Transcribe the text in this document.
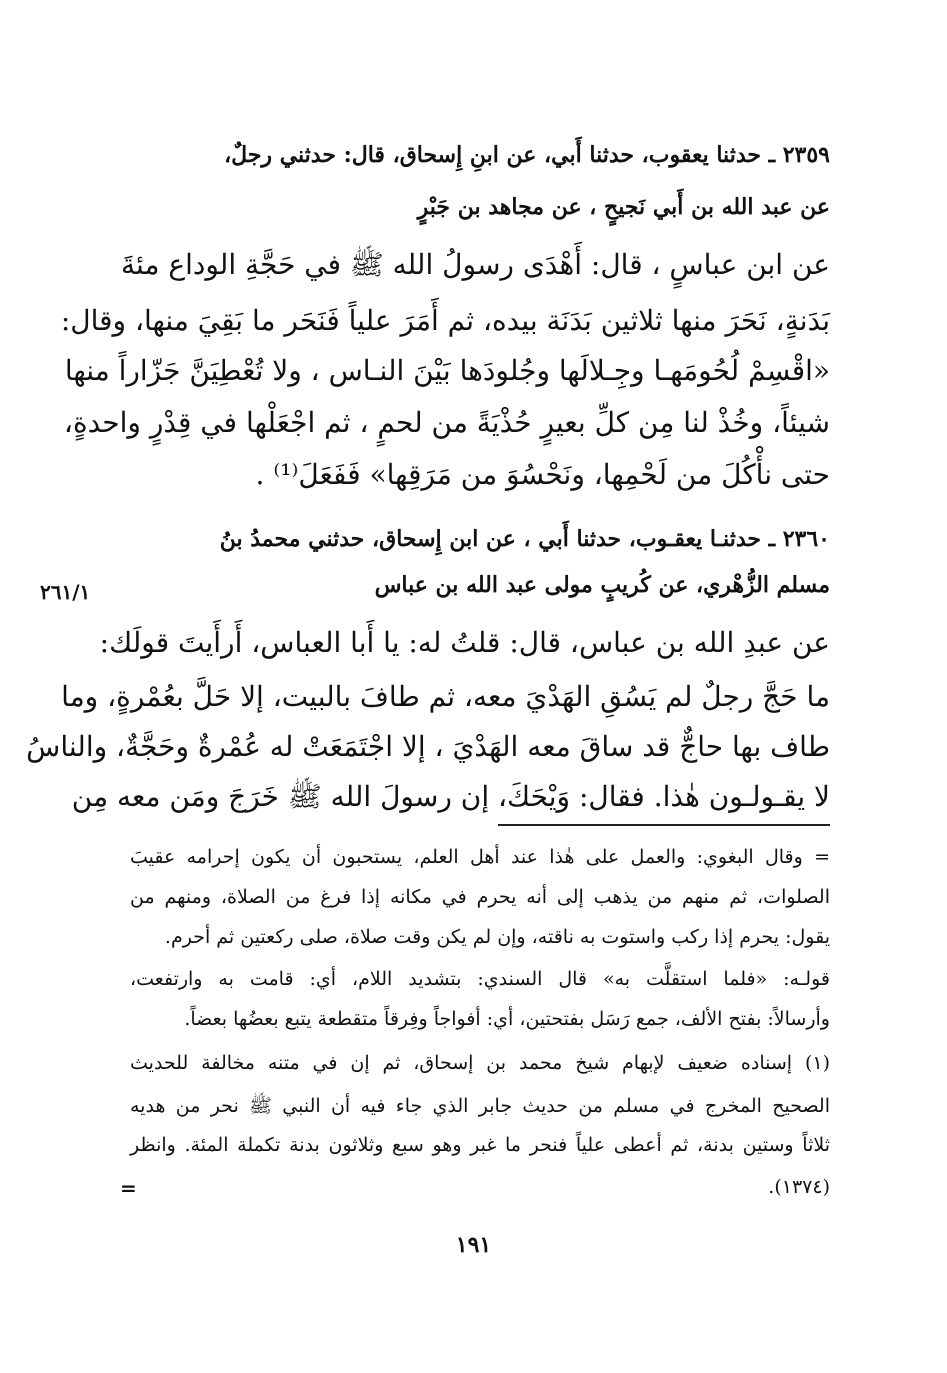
٢٣٥٩ ـ حدثنا يعقوب، حدثنا أَبي، عن ابنِ إِسحاق، قال: حدثني رجلٌ،
عن عبد الله بن أَبي نَجيحٍ ، عن مجاهد بن جَبْرٍ
عن ابن عباسٍ ، قال: أَهْدَى رسولُ الله ﷺ في حَجَّةِ الوداع مئةَ
بَدَنةٍ، نَحَرَ منها ثلاثين بَدَنَة بيده، ثم أَمَرَ علياً فَنَحَر ما بَقِيَ منها، وقال:
«اقْسِمْ لُحُومَهـا وجِـلالَها وجُلودَها بَيْنَ النـاس ، ولا تُعْطِيَنَّ جَزّاراً منها
شيئاً، وخُذْ لنا مِن كلِّ بعيرٍ حُذْيَةً من لحمٍ ، ثم اجْعَلْها في قِدْرٍ واحدةٍ،
حتى نأْكُلَ من لَحْمِها، ونَحْسُوَ من مَرَقِها» فَفَعَلَ⁽¹⁾ .
٢٣٦٠ ـ حدثنـا يعقـوب، حدثنا أَبي ، عن ابن إِسحاق، حدثني محمدُ بنُ
مسلم الزُّهْري، عن كُريبٍ مولى عبد الله بن عباس
٢٦١/١
عن عبدِ الله بن عباس، قال: قلتُ له: يا أَبا العباس، أَرأَيتَ قولَك:
ما حَجَّ رجلٌ لم يَسُقِ الهَدْيَ معه، ثم طافَ بالبيت، إلا حَلَّ بعُمْرةٍ، وما
طاف بها حاجٌّ قد ساقَ معه الهَدْيَ ، إلا اجْتَمَعَتْ له عُمْرةٌ وحَجَّةٌ، والناسُ
لا يقـولـون هٰذا. فقال: وَيْحَكَ، إن رسولَ الله ﷺ خَرَجَ ومَن معه مِن
= وقال البغوي: والعمل على هٰذا عند أهل العلم، يستحبون أن يكون إحرامه عقيبَ
الصلوات، ثم منهم من يذهب إلى أنه يحرم في مكانه إذا فرغ من الصلاة، ومنهم من
يقول: يحرم إذا ركب واستوت به ناقته، وإن لم يكن وقت صلاة، صلى ركعتين ثم أحرم.
قولـه: «فلما استقلَّت به» قال السندي: بتشديد اللام، أي: قامت به وارتفعت،
وأرسالاً: بفتح الألف، جمع رَسَل بفتحتين، أي: أفواجاً وفِرقاً متقطعة يتبع بعضُها بعضاً.
(١) إسناده ضعيف لإبهام شيخ محمد بن إسحاق، ثم إن في متنه مخالفة للحديث
الصحيح المخرج في مسلم من حديث جابر الذي جاء فيه أن النبي ﷺ نحر من هديه
ثلاثاً وستين بدنة، ثم أعطى علياً فنحر ما غبر وهو سبع وثلاثون بدنة تكملة المئة. وانظر
(١٣٧٤).
=
١٩١
